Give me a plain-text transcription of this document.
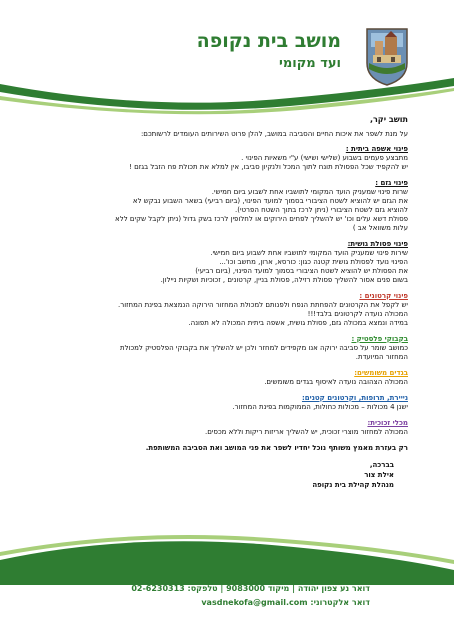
מושב בית נקופה
ועד מקומי
תושב יקר,
על מנת לשפר את איכות החיים והסביבה במושב, להלן פרוט השירותים העומדים לרשותכם:
פינוי אשפה ביתית :
מתבצע פעמים בשבוע (שלישי ושישי) ע"י משאיות הפינוי .
יש להקפיד שכל הפסולת תונח לתוך המכל ולנקיון סביבו, אין למלא את תכולת פח הזבל בגזם !
פינוי גזם :
שרות פינוי שמעניק הועד המקומי לתושביו אחת לשבוע ביום חמישי.
את הגזם יש להוציא לשטח הציבורי בסמוך למועד הפינוי, (ביום רביעי) בשאר השבוע נבקש לא
להוציא גזם לשטח הציבורי (ניתן לרכז בתוך השטח הפרטי).
פסולת דשא עלים וכו' יש להשליך לפחים הירוקים או לחלופין לרכז בשק גדול (ניתן לקבל שקים ללא
עלות משוואל אב )
פינוי פסולת גושית:
שירות פינוי שמעניק הועד המקומי לתושביו אחת לשבוע ביום חמישי.
הפינוי נועד לפסולת גושית קטנה כגון: כורסא, ארון, מחשב וכו'...
את הפסולת יש להוציא לשטח הציבורי בסמוך למועד הפינוי, (ביום רביעי)
בשום פנים אסור להשליך פסולת רזילה, פסולת בניין, קרטונים , זכוכיות ושקיות ניילון.
פינוי קרטונים :
יש לקפל את הקרטונים להפחתת הנפח ולפנותם למכולת המחזור הירוקה הנמצאת בפינת המחזור.
המכולה נועדה לקרטונים בלבד!!!
במידה ונמצא במכולה גזם, פסולת גושית, אשפה ביתית המכולה לא תפונה.
בקבוקי פלסטיק :
כמושב שומר על סביבה ירוקה אנו מקפידים למחזר ולכן יש להשליך את בקבוקי הפלסטיק למכולת
המחזור המיועדת.
בגדים משומשים:
המכולה הצהובה נועדה לאיסוף בגדים משומשים.
נייירת, תרופות, וקרטונים קטנים:
ישנן 4 מכולות – מכולות כחולות, הממוקמות בפינת המחזור.
מכלי זכוכית:
המכולה למחזור מוצרי זכוכית, יש להשליך אריזות ריקות וללא מכסים.
רק בעזרת מאמץ משותף נוכל יחדיו לשפר את פני המושב ואת הסביבה המשותפת.
בברכה,
אילת צור
מנהלת קהילת בית נקופה
דואר נע צפון יהודה | מיקוד 9083000 | טלפקס: 02-6230313
דואר אלקטרוני: vasdnekofa@gmail.com
